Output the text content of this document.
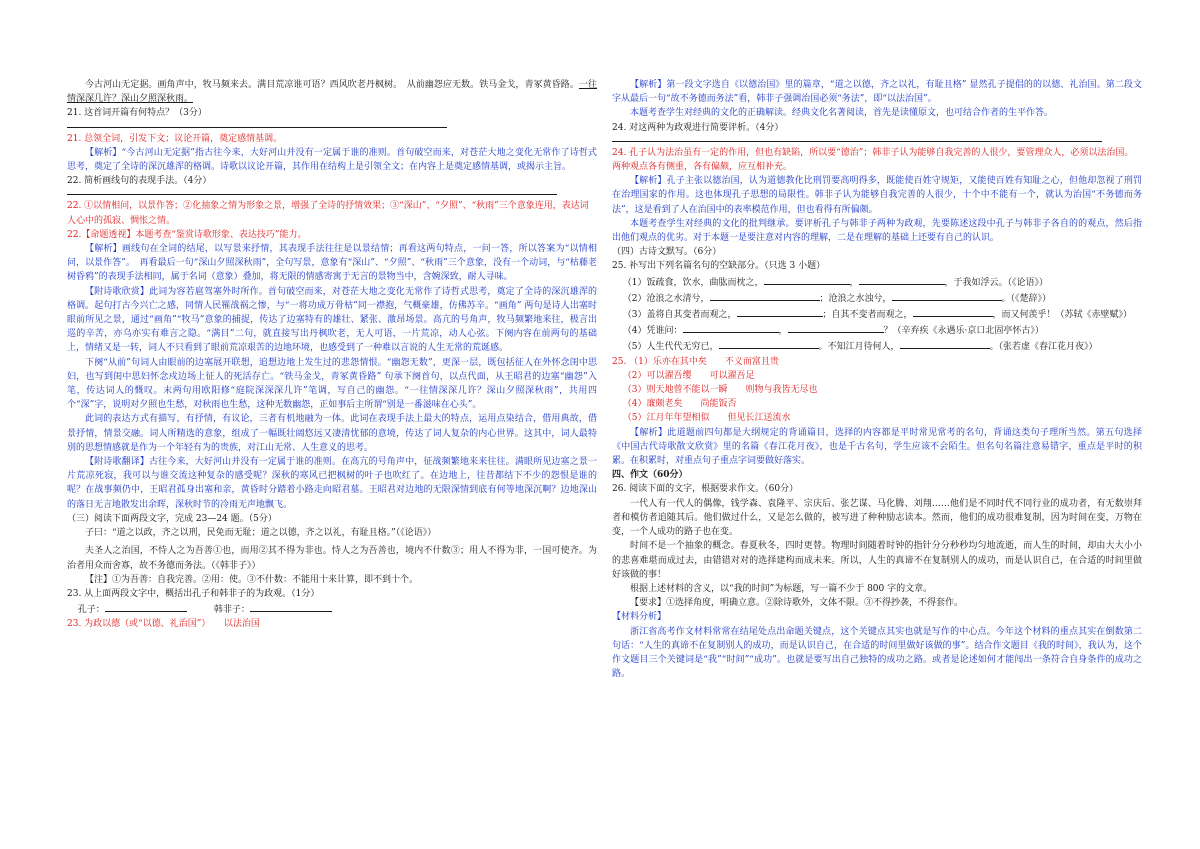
今古河山无定据。画角声中，牧马频来去。满目荒凉谁可语？西风吹老丹枫树。　从前幽怨应无数。铁马金戈，青冢黄昏路。一往情深深几许？深山夕照深秋雨。

21. 这首词开篇有何特点？（3分）

21. 总领全词，引发下文；议论开篇，奠定感情基调。

【解析】“今古河山无定据”指古往今来，大好河山并没有一定属于谁的准则。首句破空而来，对苍茫大地之变化无常作了诗哲式思考，奠定了全诗的深沉雄浑的格调。诗歌以议论开篇，其作用在结构上是引领全文；在内容上是奠定感情基调，或揭示主旨。

22. 简析画线句的表现手法。（4分）

22. ①以情相问，以景作答；②化抽象之情为形象之景，增强了全诗的抒情效果；③“深山”、“夕照”、“秋雨”三个意象连用，表达词人心中的孤寂、惆怅之情。

22.【命题透视】本题考查“鉴赏诗歌形象、表达技巧”能力。

【解析】画线句在全词的结尾，以写景来抒情，其表现手法往往是以景结情；再看这两句特点，一问一答，所以答案为“以情相问，以景作答”。　再看最后一句“深山夕照深秋雨”，全句写景，意象有“深山”、“夕照”、“秋雨”三个意象，没有一个动词，与“枯藤老树昏鸦”的表现手法相同，属于名词（意象）叠加，将无限的情感寄寓于无言的景物当中，含婉深致，耐人寻味。

【附诗歌欣赏】此词为容若扈驾塞外时所作。首句破空而来，对苍茫大地之变化无常作了诗哲式思考，奠定了全诗的深沉雄浑的格调。起句打古今兴亡之感，同情人民罹战祸之惨，与“一将功成万骨枯”同一襟抱，气概豪雄，仿佛苏辛。“画角” 两句是诗人出塞时眼前所见之景，通过“画角”“牧马”意象的捕捉，传达了边塞特有的雄壮、紧张、激昂场景。高亢的号角声，牧马频繁地来往，极言出巡的辛苦，亦乌亦实有难言之隐。“满目”二句，就直接写出丹枫吹老，无人可语，一片荒凉，动人心弦。下阕内容在前两句的基础上，情绪又是一转，词人不只看到了眼前荒凉艰苦的边地环境，也感受到了一种难以言说的人生无常的荒诞感。

下阕“从前”句词人由眼前的边塞展开联想，追想边地上发生过的悲怨情恨。“幽怨无数”，更深一层，既包括征人在外怀念闺中思妇，也写到闺中思妇怀念戍边场上征人的死活存亡。“铁马金戈，青冢黄昏路” 句承下阕首句，以点代面，从王昭君的边塞“幽怨”入笔，传达词人的慨叹。末两句用欧阳修“庭院深深深几许”笔调，写自己的幽怨。“一往情深深几许？深山夕照深秋雨”，共用四个“深”字，说明对夕照也生愁，对秋雨也生愁，这种无数幽怨，正如事后主所谓“别是一番滋味在心头”。

此词的表达方式有描写，有抒情，有议论，三者有机地融为一体。此词在表现手法上最大的特点，运用点染结合，借用典故，借景抒情，情景交融。词人所精选的意象，组成了一幅既壮阔悠远又凄清忧郁的意境，传达了词人复杂的内心世界。这其中，词人最特别的思想情感就是作为一个年轻有为的贵族，对江山无常、人生意义的思考。

【附诗歌翻译】古往今来，大好河山并没有一定属于谁的准则。在高亢的号角声中，征战频繁地来来往往。满眼所见边塞之景一片荒凉死寂，我可以与谁交流这种复杂的感受呢？深秋的寒风已把枫树的叶子也吹红了。在边地上，往昔都结下不少的怨恨是谁的呢？在战事频仍中，王昭君孤身出塞和亲，黄昏时分踏着小路走向昭君墓。王昭君对边地的无限深情到底有何等地深沉啊？边地深山的落日无言地散发出余晖，深秋时节的冷雨无声地飘飞。

（三）阅读下面两段文字，完成 23—24 题。（5分）

子曰：“道之以政，齐之以刑，民免而无耻；道之以德，齐之以礼，有耻且格。”（《论语》）

夫圣人之治国，不恃人之为吾善①也，而用②其不得为非也。恃人之为吾善也，境内不什数③；用人不得为非，一国可使齐。为治者用众而舍寡，故不务德而务法。（《韩非子》）

【注】①为吾善：自我完善。②用：使。③不什数：不能用十来计算，即不到十个。

23. 从上面两段文字中，概括出孔子和韩非子的为政观。（1分）

孔子：　　　	韩非子：

23. 为政以德（或“以德、礼治国”）　　 以法治国

【解析】第一段文字选自《以德治国》里的篇章，“道之以德，齐之以礼，有耻且格” 显然孔子提倡的的以德、礼治国。第二段文字从最后一句“故不务德而务法”看，韩非子强调治国必须“务法”，即“以法治国”。

本题考查学生对经典的文化的正确解读。经典文化名著阅读，首先是读懂原文，也可结合作者的生平作答。

24. 对这两种为政观进行简要评析。（4分）

24. 孔子认为法治虽有一定的作用，但也有缺陷，所以要“德治”；韩非子认为能够自我完善的人很少，要管理众人，必须以法治国。两种观点各有侧重，各有偏颇，应互相补充。

【解析】孔子主张以德治国，认为道德教化比刑罚要高明得多，既能使百姓守规矩，又能使百姓有知耻之心，但他却忽视了刑罚在治理国家的作用。这也体现孔子思想的局限性。韩非子认为能够自我完善的人很少，十个中不能有一个，就认为治国“不务德而务法”，这是看到了人在治国中的表率模范作用，但也看得有所偏颇。

本题考查学生对经典的文化的批判继承。要评析孔子与韩非子两种为政观，先要陈述这段中孔子与韩非子各自的的观点，然后指出他们观点的优劣。对于本题一是要注意对内容的理解，二是在理解的基础上还要有自己的认识。

（四）古诗文默写。（6分）

25. 补写出下列名篇名句的空缺部分。（只选 3 小题）

（1）饭疏食，饮水，曲肱而枕之，	，	，于我如浮云。（《论语》）

（2）沧浪之水清兮，	；沧浪之水浊兮，	。（《楚辞》）

（3）盖将自其变者而观之，	；自其不变者而观之，	，而又何羡乎！（苏轼《赤壁赋》）

（4）凭谁问：	，	？（辛弃疾《永遇乐·京口北固亭怀古》）

（5）人生代代无穷已，	。不知江月待何人，	。（张若虚《春江花月夜》）

25. （1）乐亦在其中矣　　不义而富且贵

（2）可以濯吾缨　　可以濯吾足

（3）则天地曾不能以一瞬　　则物与我皆无尽也

（4）廉颇老矣　　尚能饭否

（5）江月年年望相似　　但见长江送流水

【解析】此道题前四句都是大纲规定的背诵篇目，选择的内容都是平时常见常考的名句，背诵这类句子理所当然。第五句选择《中国古代诗歌散文欣赏》里的名篇《春江花月夜》，也是千古名句，学生应该不会陌生。但名句名篇注意易错字，重点是平时的积累。在积累时，对重点句子重点字词要做好落实。

四、作文（60分）

26. 阅读下面的文字，根据要求作文。（60分）

一代人有一代人的偶像，钱学森、袁隆平、宗庆后、张艺谋、马化腾、刘翔……他们是不同时代不同行业的成功者，有无数崇拜者和模仿者追随其后。他们做过什么，又是怎么做的，被写进了种种励志读本。然而，他们的成功很难复制，因为时间在变，万物在变，一个人成功的路子也在变。

时间不是一个抽象的概念。春夏秋冬，四时更替。物理时间随着时钟的指针分分秒秒均匀地流逝，而人生的时间，却由大大小小的悲喜难堪而成过去，由错错对对的选择建构而成未来。所以，人生的真谛不在复制别人的成功，而是认识自己，在合适的时间里做好该做的事！

根据上述材料的含义，以“我的时间”为标题，写一篇不少于 800 字的文章。

【要求】①选择角度，明确立意。②除诗歌外，文体不限。③不得抄袭，不得套作。

【材料分析】

浙江省高考作文材料常常在结尾处点出命题关键点，这个关键点其实也就是写作的中心点。今年这个材料的重点其实在倒数第二句话：“人生的真谛不在复制别人的成功，而是认识自己，在合适的时间里做好该做的事”。结合作文题目《我的时间》，我认为，这个作文题目三个关键词是“我”“时间”“成功”。也就是要写出自己独特的成功之路。或者是论述如何才能闯出一条符合自身条件的成功之路。
